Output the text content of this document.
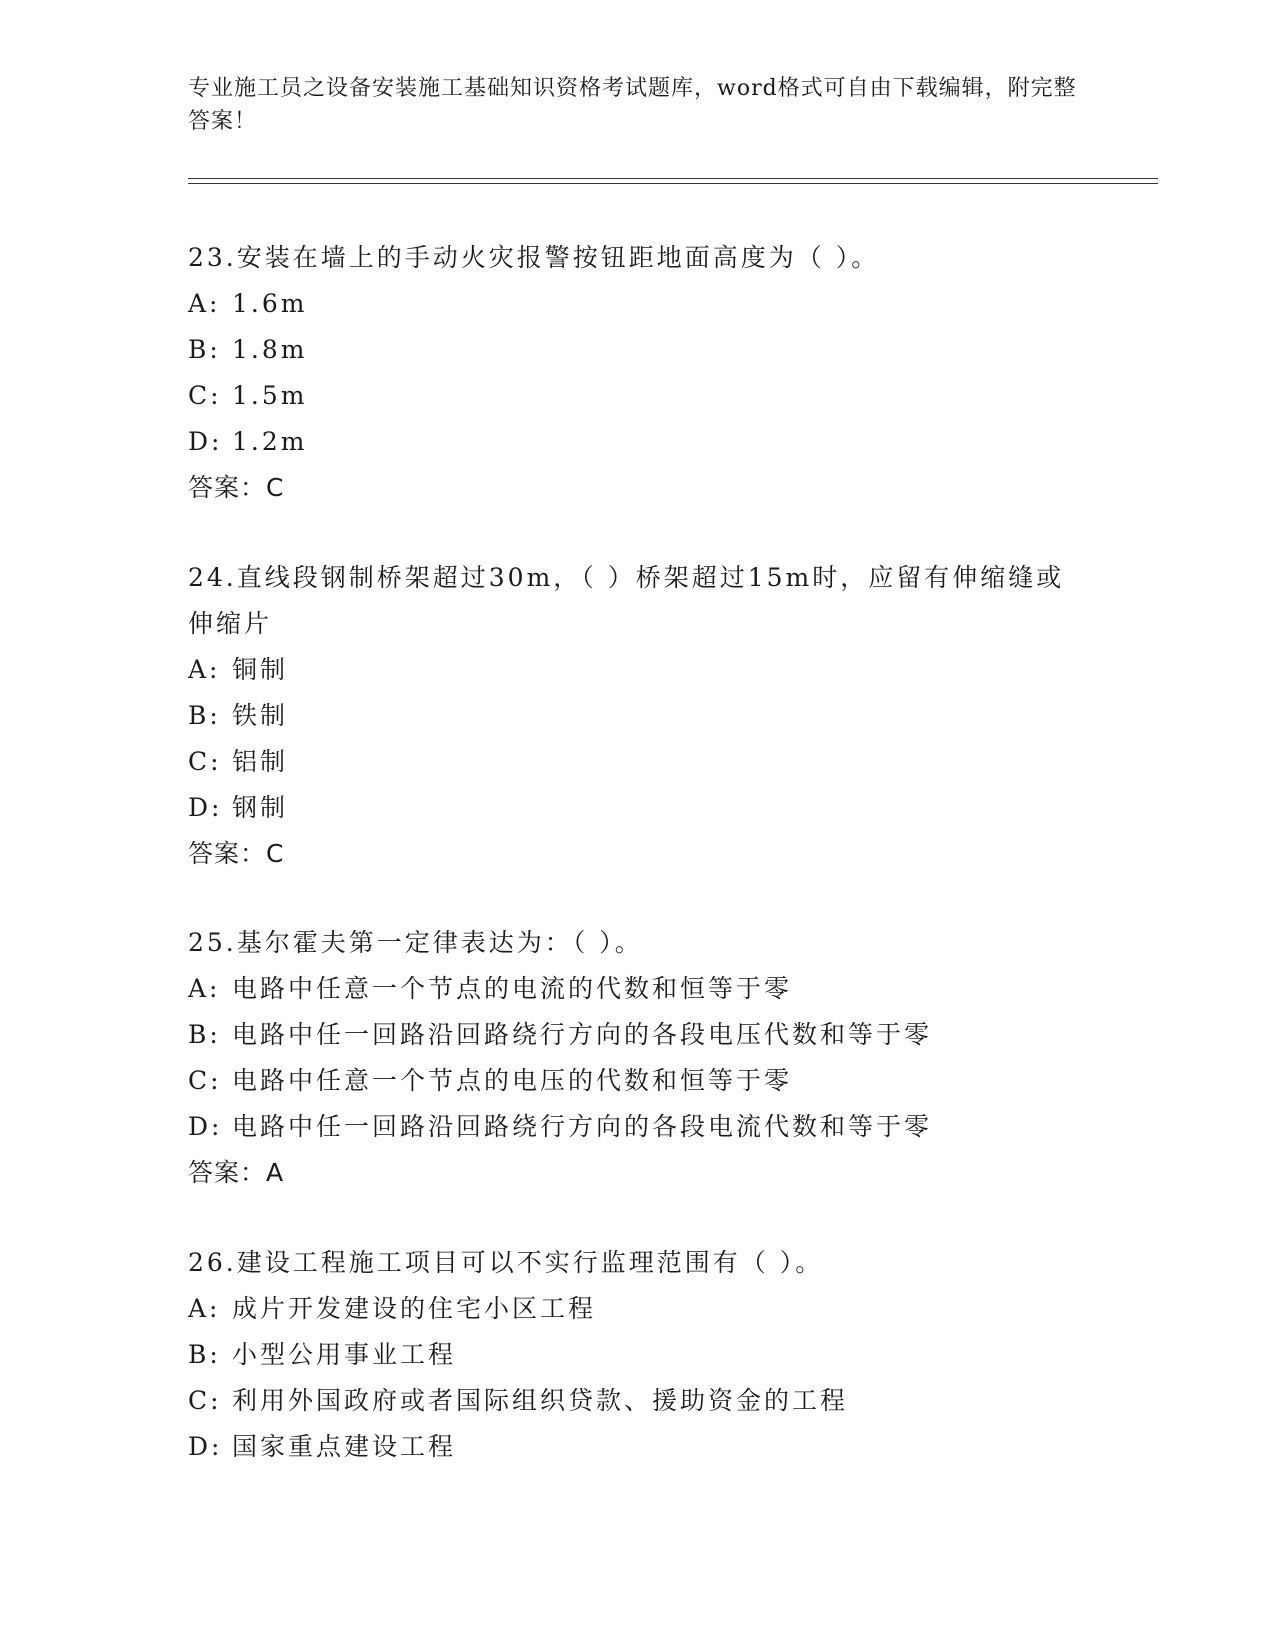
专业施工员之设备安装施工基础知识资格考试题库，word格式可自由下载编辑，附完整答案！

23.安装在墙上的手动火灾报警按钮距地面高度为（ ）。

A: 1.6m

B: 1.8m

C: 1.5m

D: 1.2m

答案：C

24.直线段钢制桥架超过30m，（ ）桥架超过15m时，应留有伸缩缝或伸缩片

A: 铜制

B: 铁制

C: 铝制

D: 钢制

答案：C

25.基尔霍夫第一定律表达为：（ ）。

A: 电路中任意一个节点的电流的代数和恒等于零

B: 电路中任一回路沿回路绕行方向的各段电压代数和等于零

C: 电路中任意一个节点的电压的代数和恒等于零

D: 电路中任一回路沿回路绕行方向的各段电流代数和等于零

答案：A

26.建设工程施工项目可以不实行监理范围有（ ）。

A: 成片开发建设的住宅小区工程

B: 小型公用事业工程

C: 利用外国政府或者国际组织贷款、援助资金的工程

D: 国家重点建设工程
